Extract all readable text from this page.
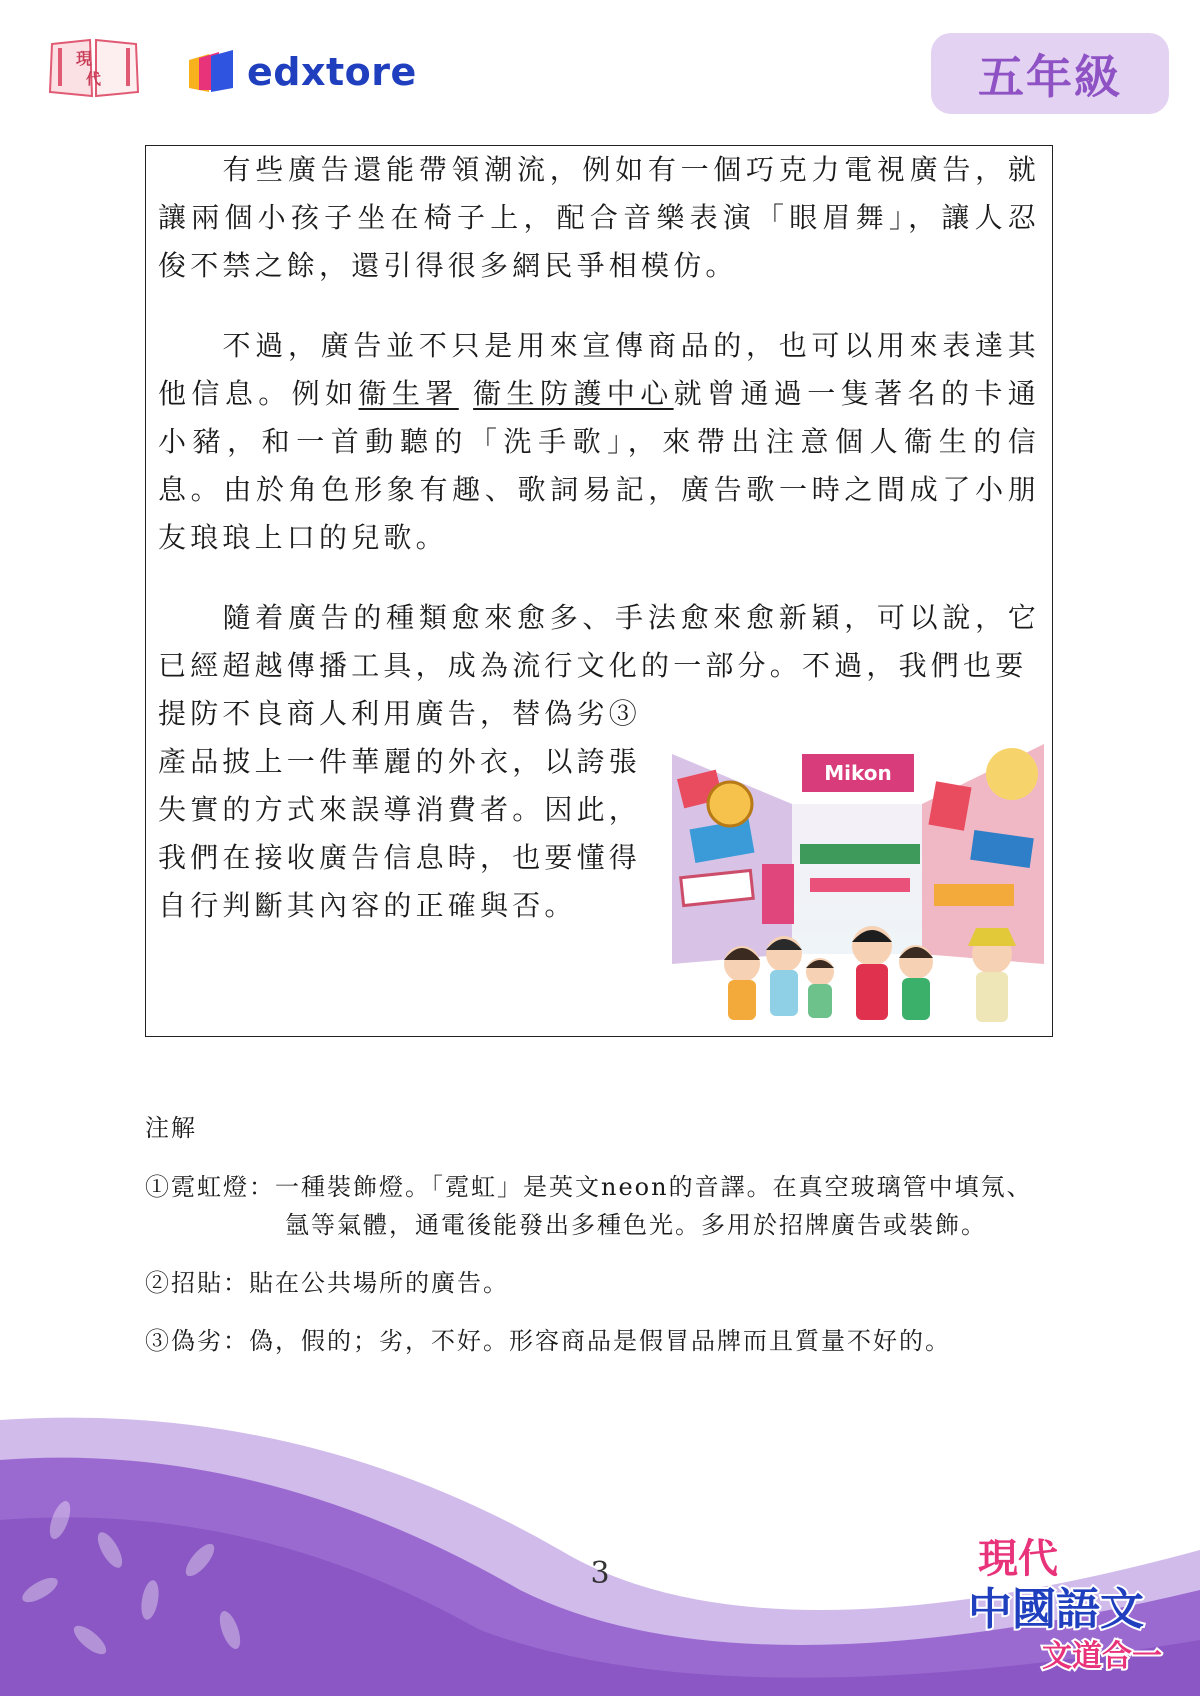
現
代	edxtore	五年級

有些廣告還能帶領潮流，例如有一個巧克力電視廣告，就讓兩個小孩子坐在椅子上，配合音樂表演「眼眉舞」，讓人忍俊不禁之餘，還引得很多網民爭相模仿。

不過，廣告並不只是用來宣傳商品的，也可以用來表達其他信息。例如衞生署 衞生防護中心就曾通過一隻著名的卡通小豬，和一首動聽的「洗手歌」，來帶出注意個人衞生的信息。由於角色形象有趣、歌詞易記，廣告歌一時之間成了小朋友琅琅上口的兒歌。

隨着廣告的種類愈來愈多、手法愈來愈新穎，可以說，它已經超越傳播工具，成為流行文化的一部分。不過，我們也要
提防不良商人利用廣告，替偽劣③
產品披上一件華麗的外衣，以誇張
失實的方式來誤導消費者。因此，
我們在接收廣告信息時，也要懂得
自行判斷其內容的正確與否。
Mikon

注解

①霓虹燈：一種裝飾燈。「霓虹」是英文neon的音譯。在真空玻璃管中填氖、
氬等氣體，通電後能發出多種色光。多用於招牌廣告或裝飾。
②招貼：貼在公共場所的廣告。
③偽劣：偽，假的；劣，不好。形容商品是假冒品牌而且質量不好的。
3	現代
中國語文
文道合一
